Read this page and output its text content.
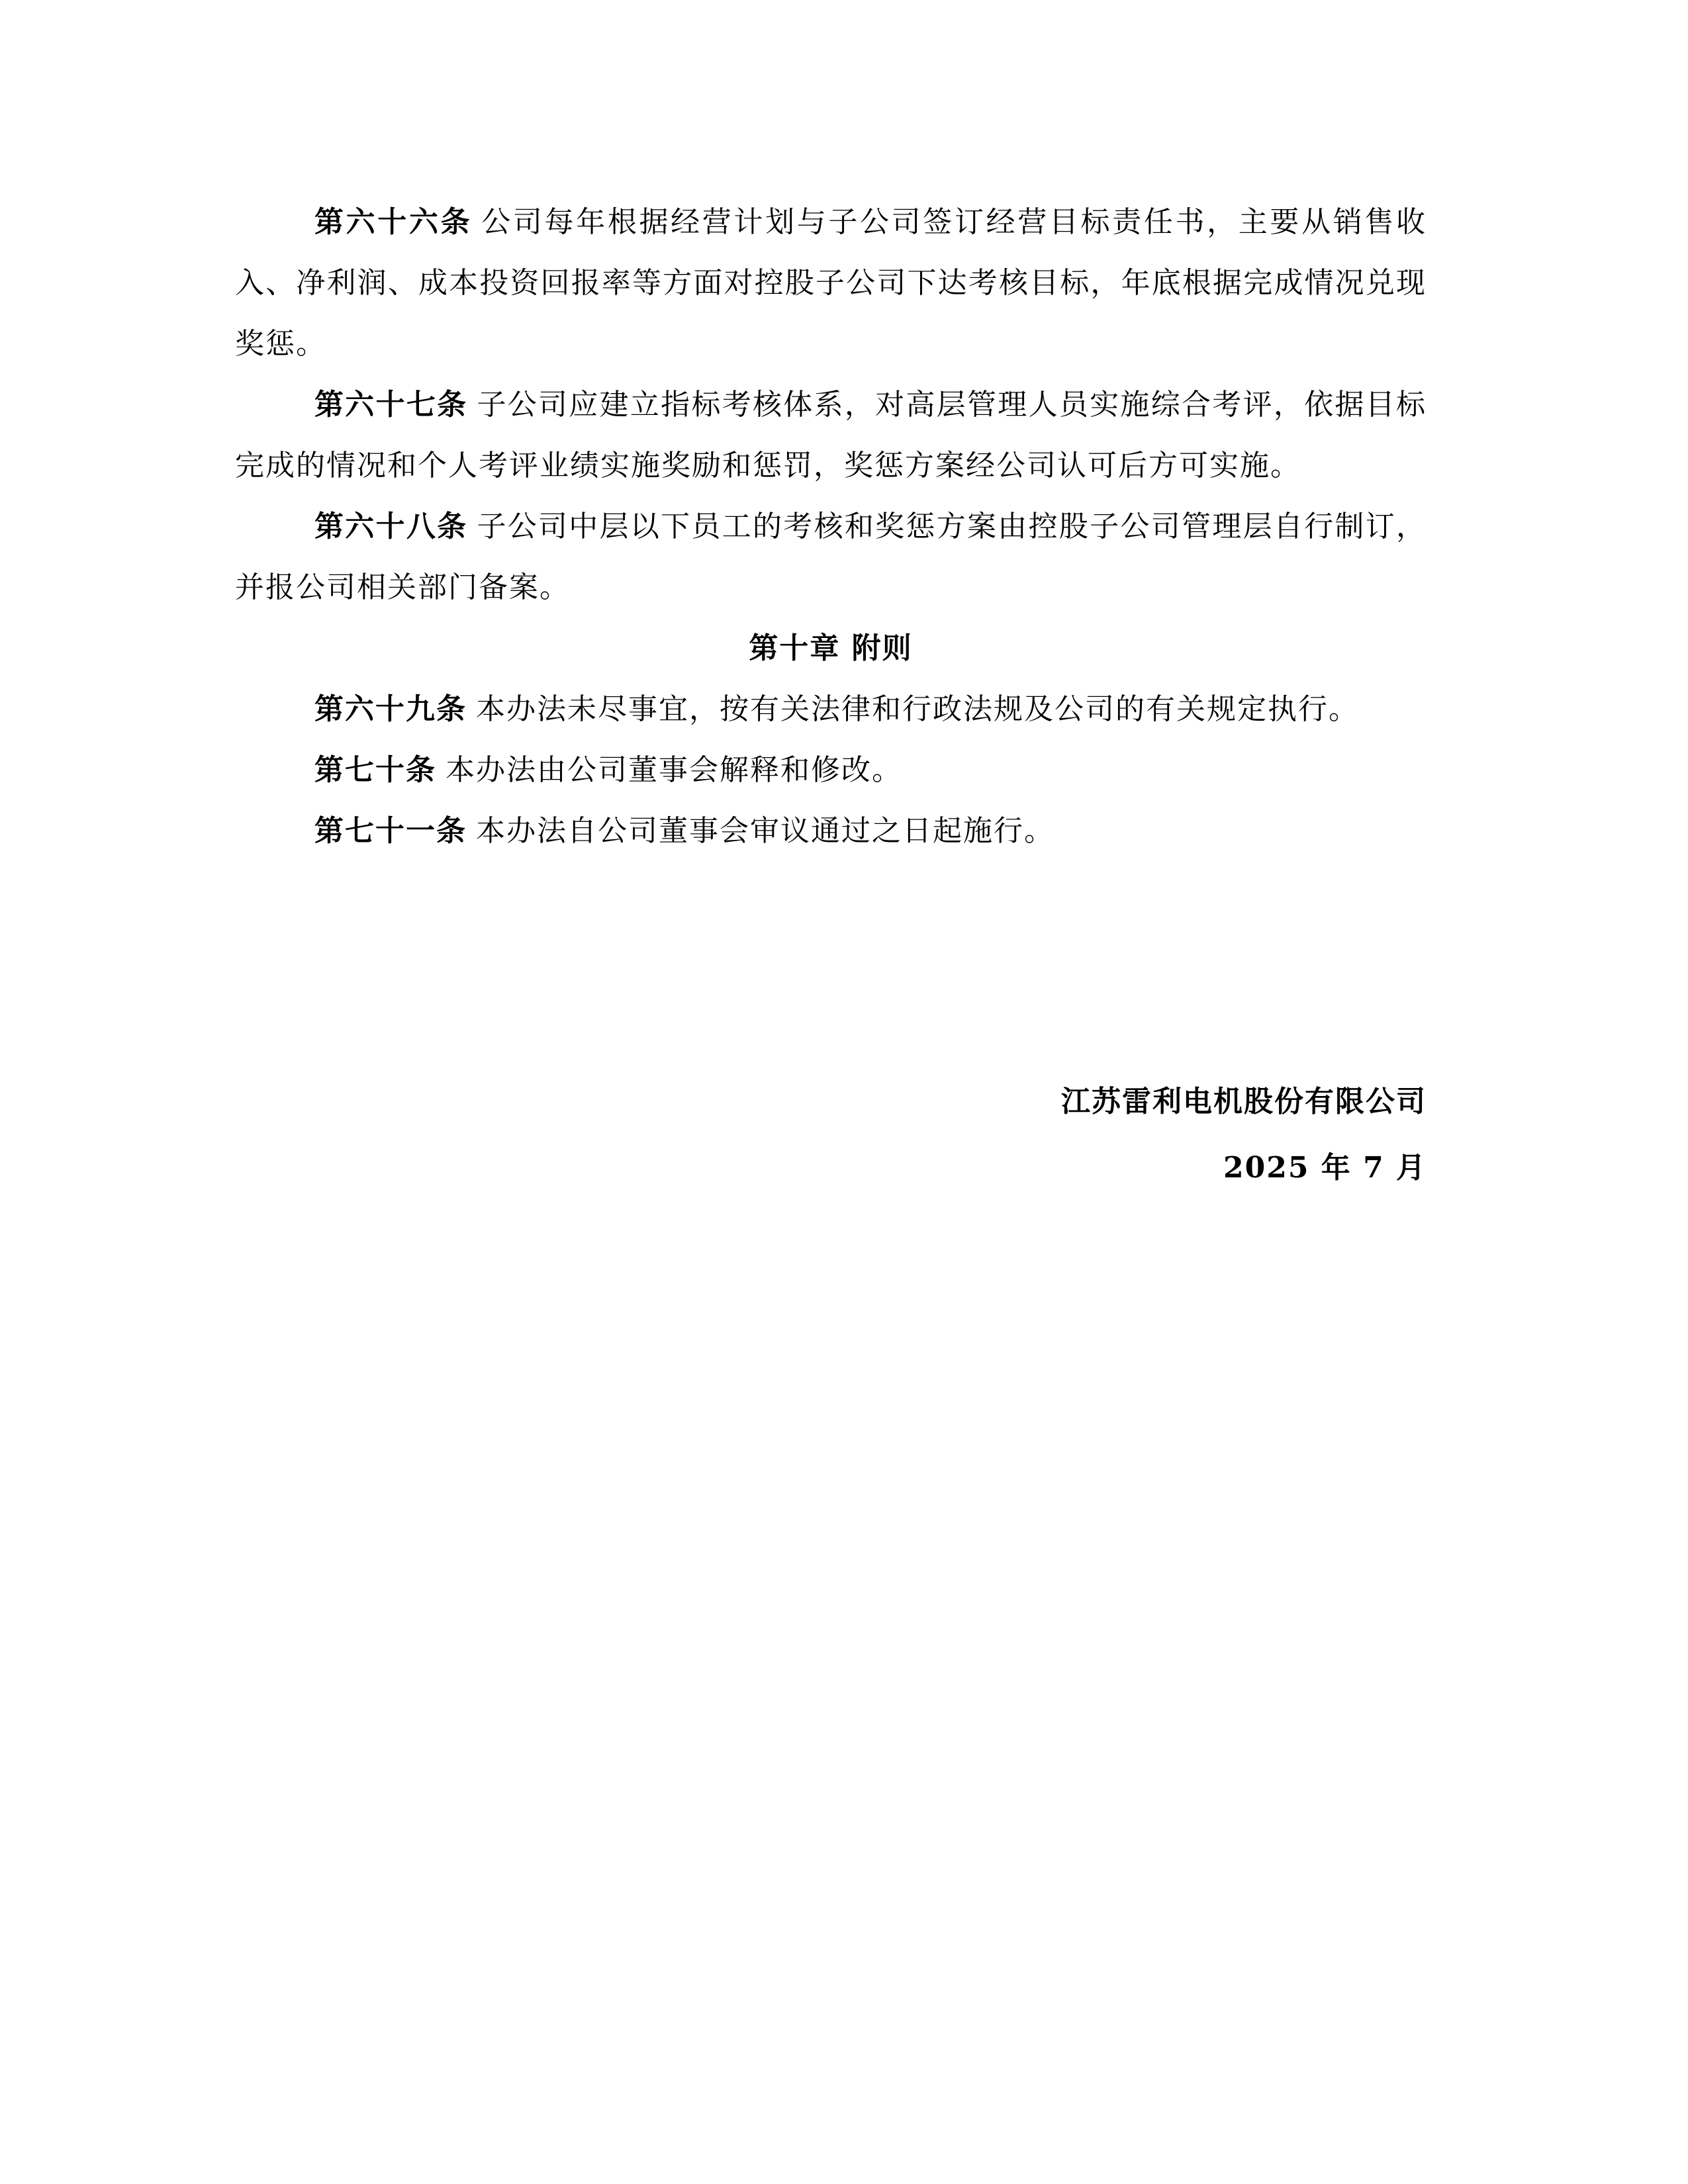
第六十六条 公司每年根据经营计划与子公司签订经营目标责任书，主要从销售收入、净利润、成本投资回报率等方面对控股子公司下达考核目标，年底根据完成情况兑现奖惩。

第六十七条 子公司应建立指标考核体系，对高层管理人员实施综合考评，依据目标完成的情况和个人考评业绩实施奖励和惩罚，奖惩方案经公司认可后方可实施。

第六十八条 子公司中层以下员工的考核和奖惩方案由控股子公司管理层自行制订，并报公司相关部门备案。

第十章 附则

第六十九条 本办法未尽事宜，按有关法律和行政法规及公司的有关规定执行。

第七十条 本办法由公司董事会解释和修改。

第七十一条 本办法自公司董事会审议通过之日起施行。

江苏雷利电机股份有限公司
2025 年 7 月
